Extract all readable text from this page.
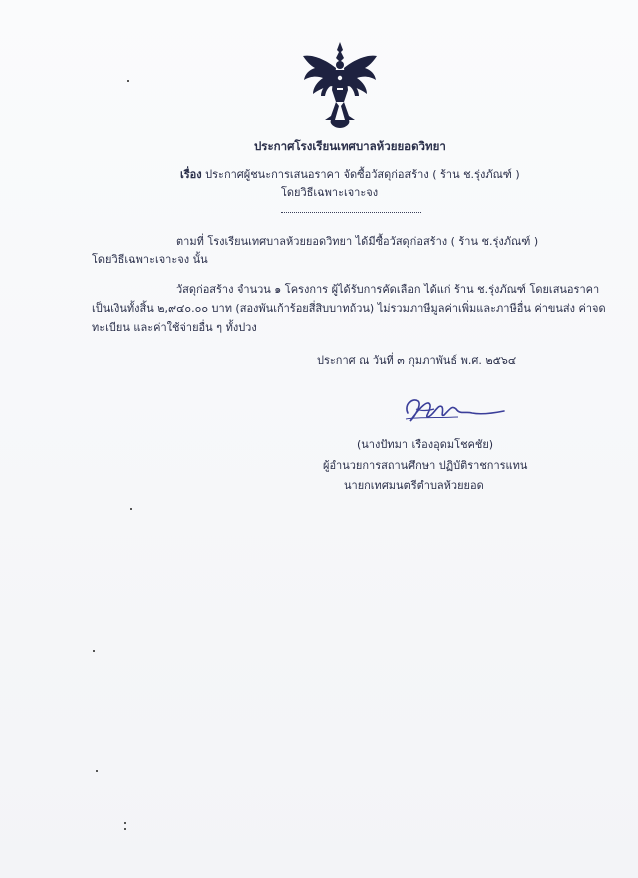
ประกาศโรงเรียนเทศบาลห้วยยอดวิทยา
เรื่อง ประกาศผู้ชนะการเสนอราคา จัดซื้อวัสดุก่อสร้าง ( ร้าน ช.รุ่งภัณฑ์ )
โดยวิธีเฉพาะเจาะจง
ตามที่ โรงเรียนเทศบาลห้วยยอดวิทยา ได้มีซื้อวัสดุก่อสร้าง ( ร้าน ช.รุ่งภัณฑ์ )
โดยวิธีเฉพาะเจาะจง นั้น
วัสดุก่อสร้าง จำนวน ๑ โครงการ ผู้ได้รับการคัดเลือก ได้แก่ ร้าน ช.รุ่งภัณฑ์ โดยเสนอราคา
เป็นเงินทั้งสิ้น ๒,๙๔๐.๐๐ บาท (สองพันเก้าร้อยสี่สิบบาทถ้วน) ไม่รวมภาษีมูลค่าเพิ่มและภาษีอื่น ค่าขนส่ง ค่าจด
ทะเบียน และค่าใช้จ่ายอื่น ๆ ทั้งปวง
ประกาศ ณ วันที่ ๓ กุมภาพันธ์ พ.ศ. ๒๕๖๔
(นางปัทมา เรืองอุดมโชคชัย)
ผู้อำนวยการสถานศึกษา ปฏิบัติราชการแทน
นายกเทศมนตรีตำบลห้วยยอด
